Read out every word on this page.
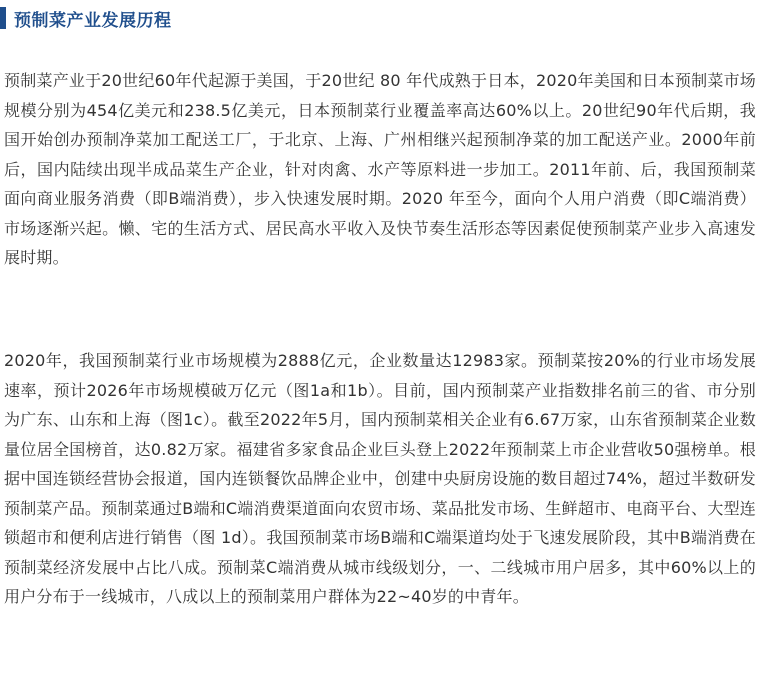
预制菜产业发展历程

预制菜产业于20世纪60年代起源于美国，于20世纪 80 年代成熟于日本，2020年美国和日本预制菜市场规模分别为454亿美元和238.5亿美元，日本预制菜行业覆盖率高达60%以上。20世纪90年代后期，我国开始创办预制净菜加工配送工厂，于北京、上海、广州相继兴起预制净菜的加工配送产业。2000年前后，国内陆续出现半成品菜生产企业，针对肉禽、水产等原料进一步加工。2011年前、后，我国预制菜面向商业服务消费（即B端消费），步入快速发展时期。2020 年至今，面向个人用户消费（即C端消费）市场逐渐兴起。懒、宅的生活方式、居民高水平收入及快节奏生活形态等因素促使预制菜产业步入高速发展时期。

2020年，我国预制菜行业市场规模为2888亿元，企业数量达12983家。预制菜按20%的行业市场发展速率，预计2026年市场规模破万亿元（图1a和1b）。目前，国内预制菜产业指数排名前三的省、市分别为广东、山东和上海（图1c）。截至2022年5月，国内预制菜相关企业有6.67万家，山东省预制菜企业数量位居全国榜首，达0.82万家。福建省多家食品企业巨头登上2022年预制菜上市企业营收50强榜单。根据中国连锁经营协会报道，国内连锁餐饮品牌企业中，创建中央厨房设施的数目超过74%，超过半数研发预制菜产品。预制菜通过B端和C端消费渠道面向农贸市场、菜品批发市场、生鲜超市、电商平台、大型连锁超市和便利店进行销售（图 1d）。我国预制菜市场B端和C端渠道均处于飞速发展阶段，其中B端消费在预制菜经济发展中占比八成。预制菜C端消费从城市线级划分，一、二线城市用户居多，其中60%以上的用户分布于一线城市，八成以上的预制菜用户群体为22~40岁的中青年。
